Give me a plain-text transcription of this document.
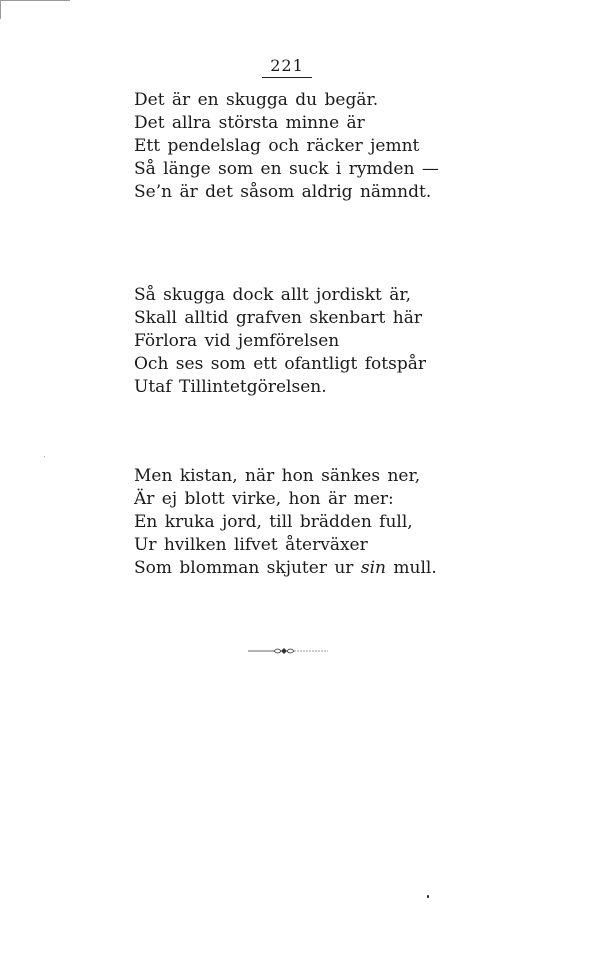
221
Det är en skugga du begär.
Det allra största minne är
Ett pendelslag och räcker jemnt
Så länge som en suck i rymden —
Se’n är det såsom aldrig nämndt.
Så skugga dock allt jordiskt är,
Skall alltid grafven skenbart här
Förlora vid jemförelsen
Och ses som ett ofantligt fotspår
Utaf Tillintetgörelsen.
Men kistan, när hon sänkes ner,
Är ej blott virke, hon är mer:
En kruka jord, till brädden full,
Ur hvilken lifvet återväxer
Som blomman skjuter ur sin mull.
